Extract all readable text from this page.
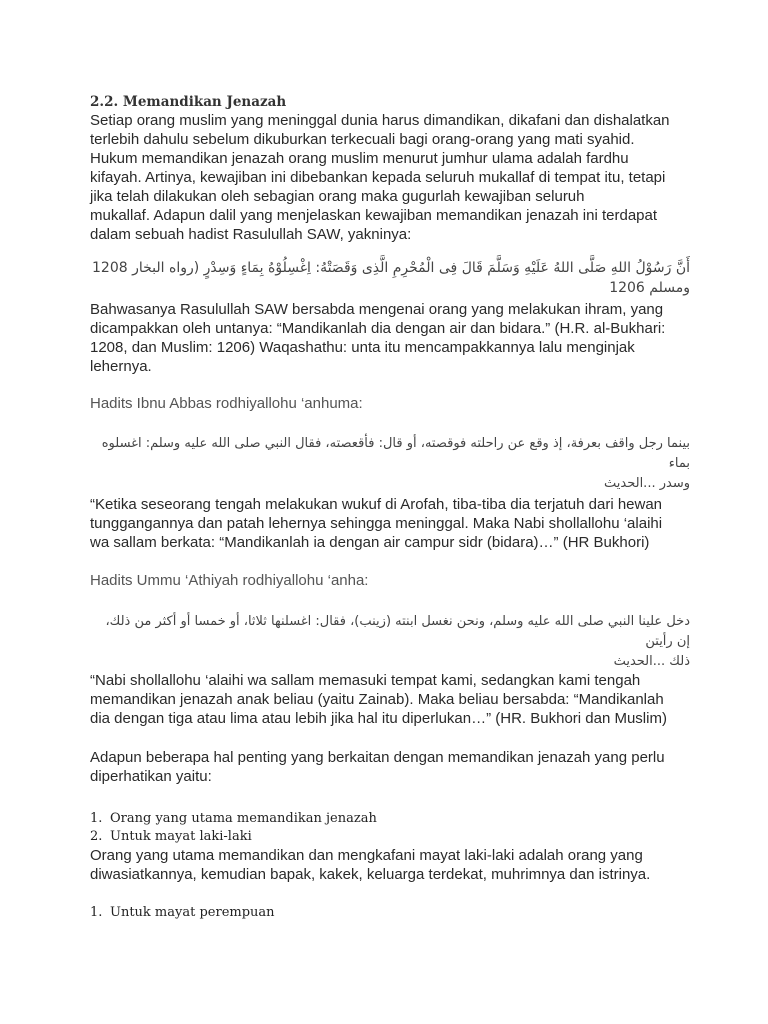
2.2. Memandikan Jenazah
Setiap orang muslim yang meninggal dunia harus dimandikan, dikafani dan dishalatkan
terlebih dahulu sebelum dikuburkan terkecuali bagi orang-orang yang mati syahid.
Hukum memandikan jenazah orang muslim menurut jumhur ulama adalah fardhu
kifayah. Artinya, kewajiban ini dibebankan kepada seluruh mukallaf di tempat itu, tetapi
jika telah dilakukan oleh sebagian orang maka gugurlah kewajiban seluruh
mukallaf. Adapun dalil yang menjelaskan kewajiban memandikan jenazah ini terdapat
dalam sebuah hadist Rasulullah SAW, yakninya:
أَنَّ رَسُوْلُ اللهِ صَلَّى اللهُ عَلَيْهِ وَسَلَّمَ قَالَ فِى الْمُحْرِمِ الَّذِى وَقَصَتْهُ: اِغْسِلُوْهُ بِمَاءٍ وَسِدْرٍ (رواه البخار 1208 ومسلم 1206
Bahwasanya Rasulullah SAW bersabda mengenai orang yang melakukan ihram, yang
dicampakkan oleh untanya: “Mandikanlah dia dengan air dan bidara.” (H.R. al-Bukhari:
1208, dan Muslim: 1206) Waqashathu: unta itu mencampakkannya lalu menginjak
lehernya.
Hadits Ibnu Abbas rodhiyallohu ‘anhuma:
بينما رجل واقف بعرفة، إذ وقع عن راحلته فوقصته، أو قال: فأقعصته، فقال النبي صلى الله عليه وسلم: اغسلوه بماء
وسدر ...الحديث
“Ketika seseorang tengah melakukan wukuf di Arofah, tiba-tiba dia terjatuh dari hewan
tunggangannya dan patah lehernya sehingga meninggal. Maka Nabi shollallohu ‘alaihi
wa sallam berkata: “Mandikanlah ia dengan air campur sidr (bidara)…” (HR Bukhori)
Hadits Ummu ‘Athiyah rodhiyallohu ‘anha:
دخل علينا النبي صلى الله عليه وسلم، ونحن نغسل ابنته (زينب)، فقال: اغسلنها ثلاثا، أو خمسا أو أكثر من ذلك، إن رأيتن
ذلك ...الحديث
“Nabi shollallohu ‘alaihi wa sallam memasuki tempat kami, sedangkan kami tengah
memandikan jenazah anak beliau (yaitu Zainab). Maka beliau bersabda: “Mandikanlah
dia dengan tiga atau lima atau lebih jika hal itu diperlukan…” (HR. Bukhori dan Muslim)
Adapun beberapa hal penting yang berkaitan dengan memandikan jenazah yang perlu
diperhatikan yaitu:
1. Orang yang utama memandikan jenazah
2. Untuk mayat laki-laki
Orang yang utama memandikan dan mengkafani mayat laki-laki adalah orang yang
diwasiatkannya, kemudian bapak, kakek, keluarga terdekat, muhrimnya dan istrinya.
1. Untuk mayat perempuan
